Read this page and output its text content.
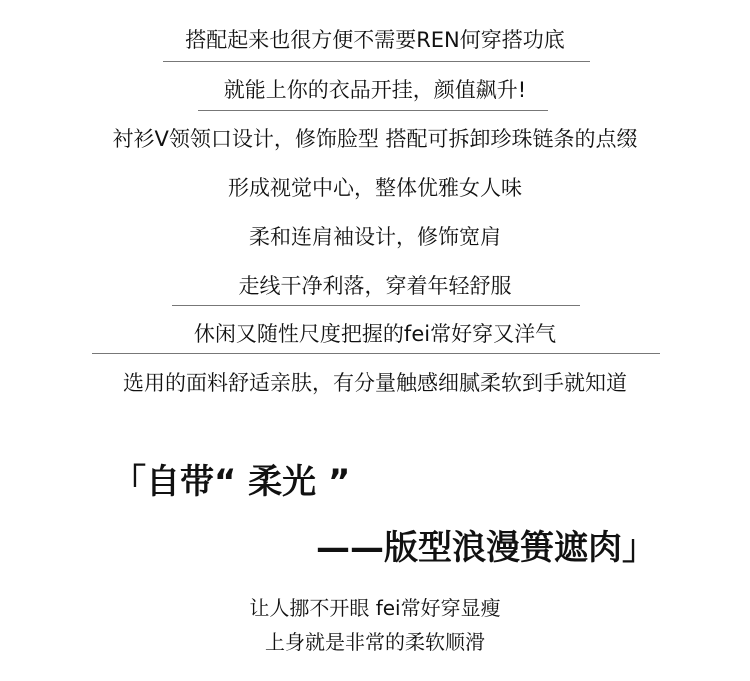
搭配起来也很方便不需要REN何穿搭功底
就能上你的衣品开挂，颜值飙升!
衬衫V领领口设计，修饰脸型 搭配可拆卸珍珠链条的点缀
形成视觉中心，整体优雅女人味
柔和连肩袖设计，修饰宽肩
走线干净利落，穿着年轻舒服
休闲又随性尺度把握的fei常好穿又洋气
选用的面料舒适亲肤，有分量触感细腻柔软到手就知道
「自带“ 柔光 ”
——版型浪漫篑遮肉」
让人挪不开眼 fei常好穿显瘦
上身就是非常的柔软顺滑
